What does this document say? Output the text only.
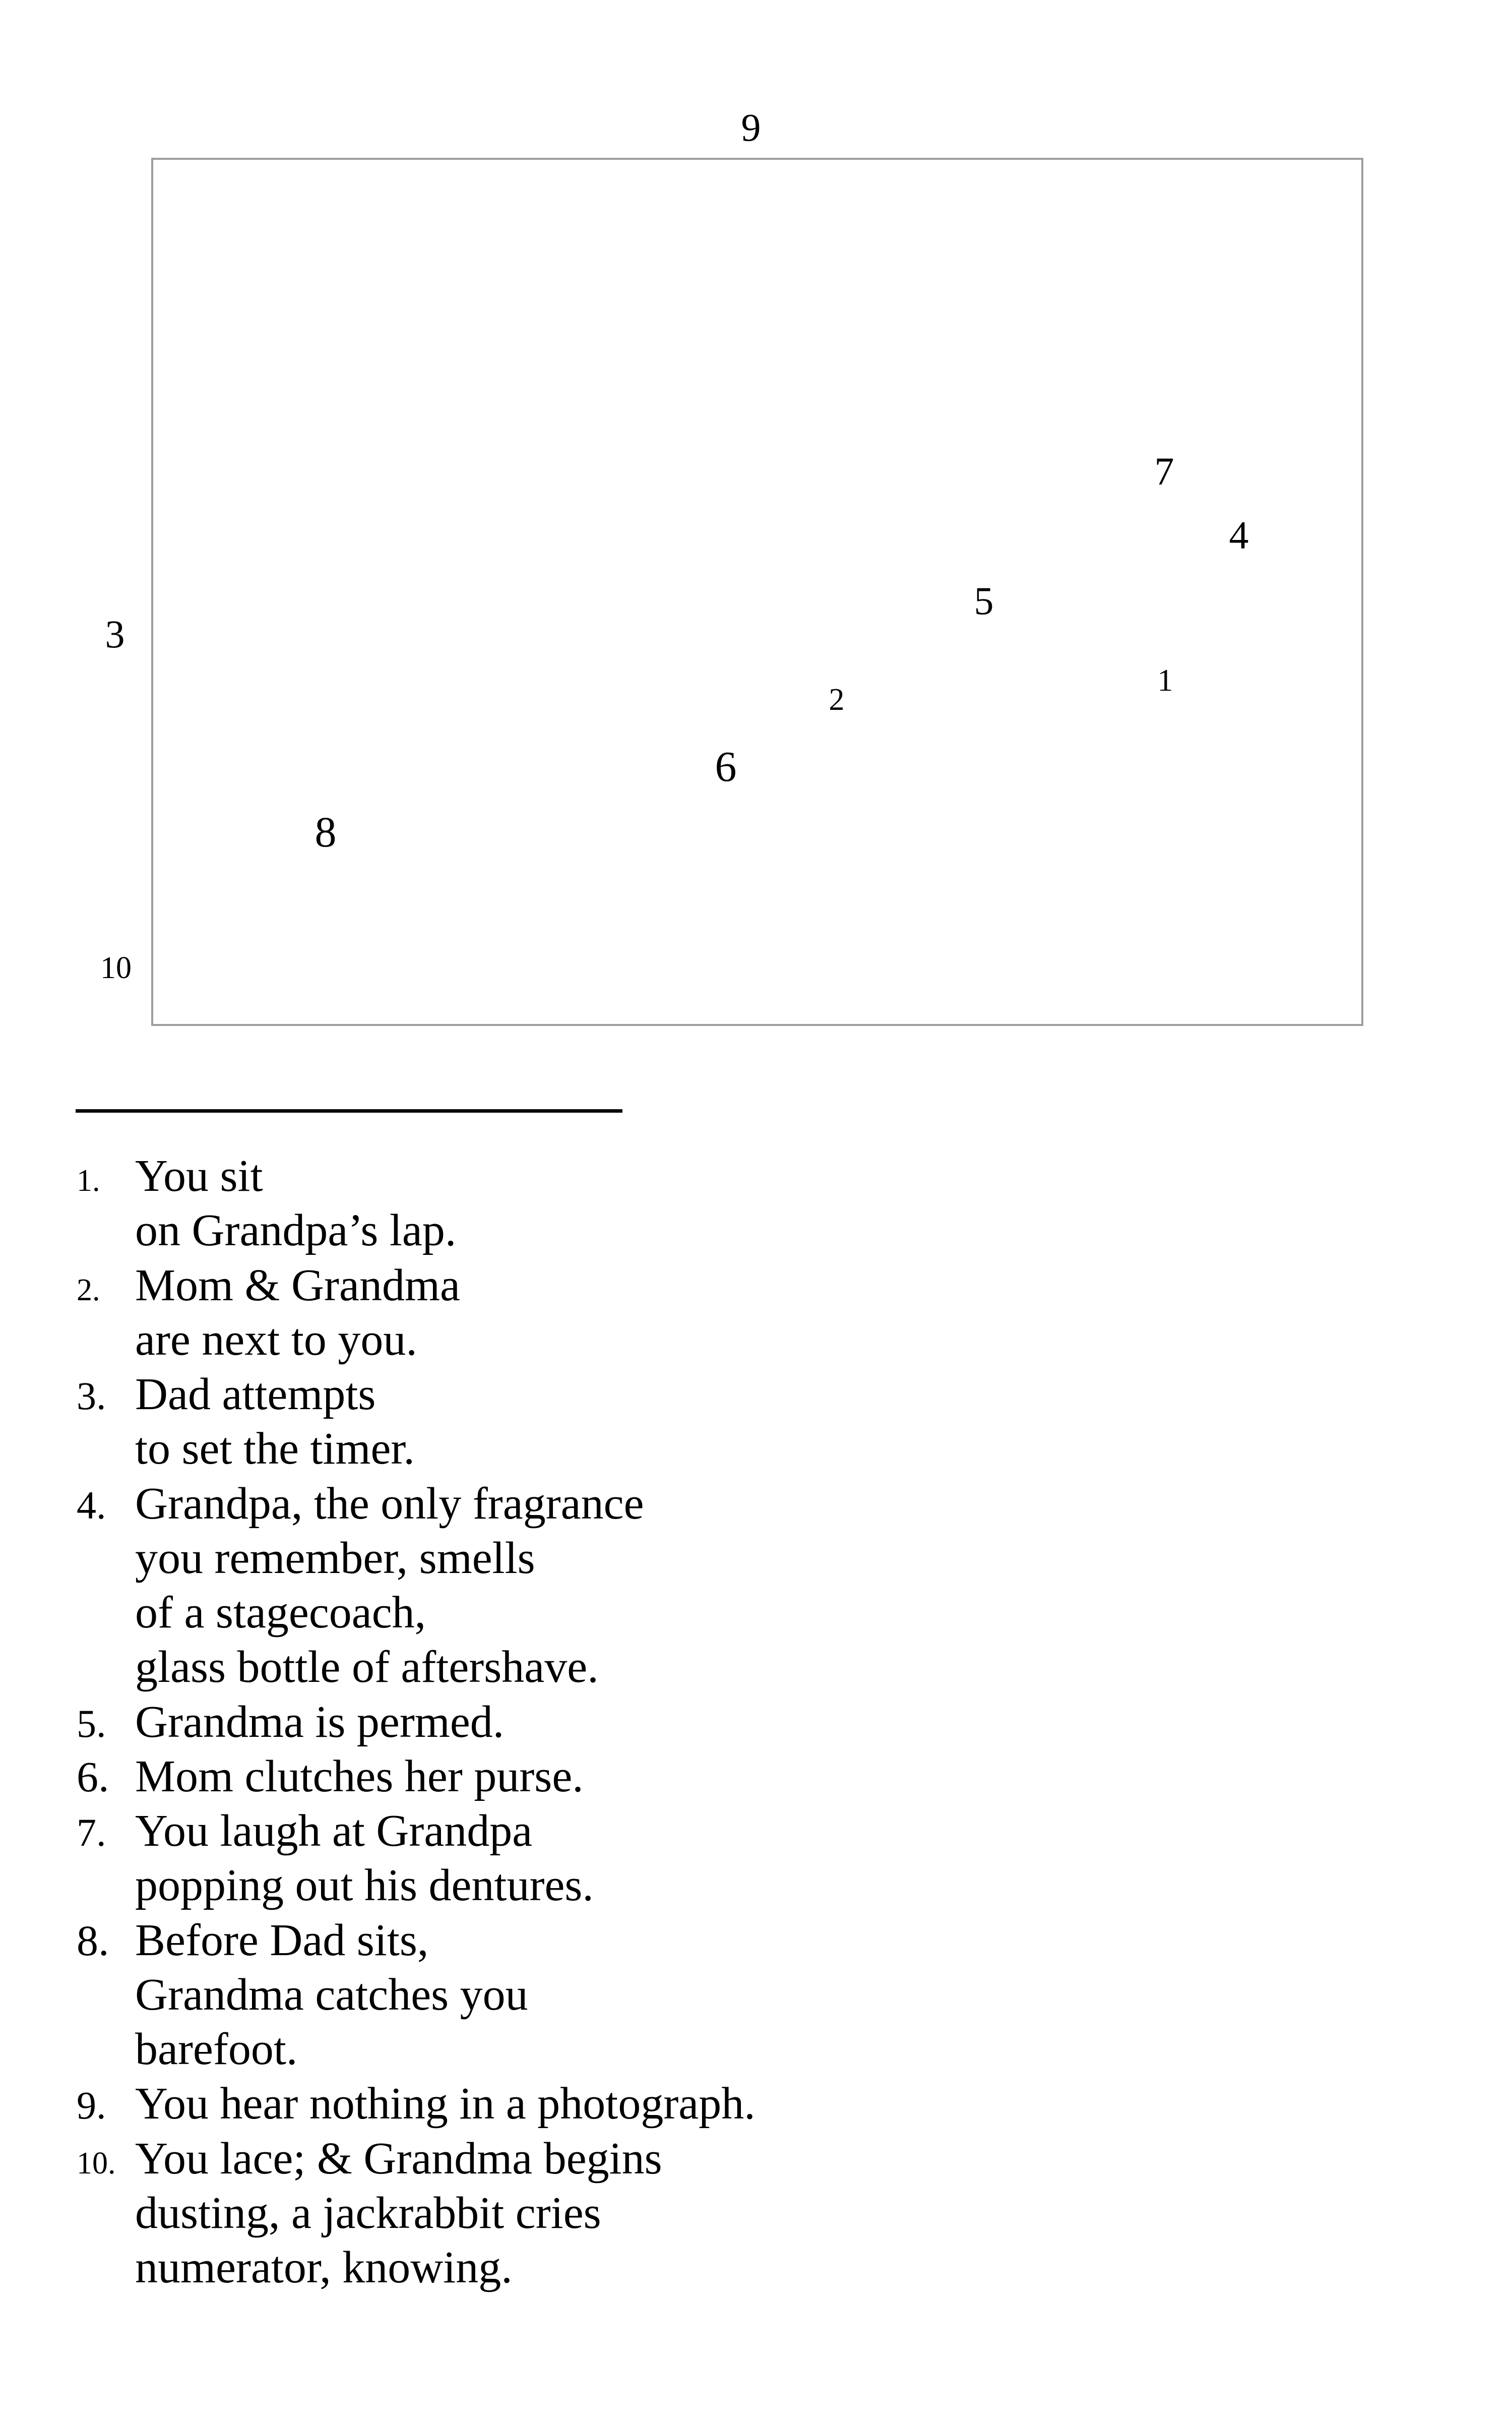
9
7
4
5
3
1
2
6
8
10
1. You sit
on Grandpa’s lap.
2. Mom & Grandma
are next to you.
3. Dad attempts
to set the timer.
4. Grandpa, the only fragrance
you remember, smells
of a stagecoach,
glass bottle of aftershave.
5. Grandma is permed.
6. Mom clutches her purse.
7. You laugh at Grandpa
popping out his dentures.
8. Before Dad sits,
Grandma catches you
barefoot.
9. You hear nothing in a photograph.
10. You lace; & Grandma begins
dusting, a jackrabbit cries
numerator, knowing.
